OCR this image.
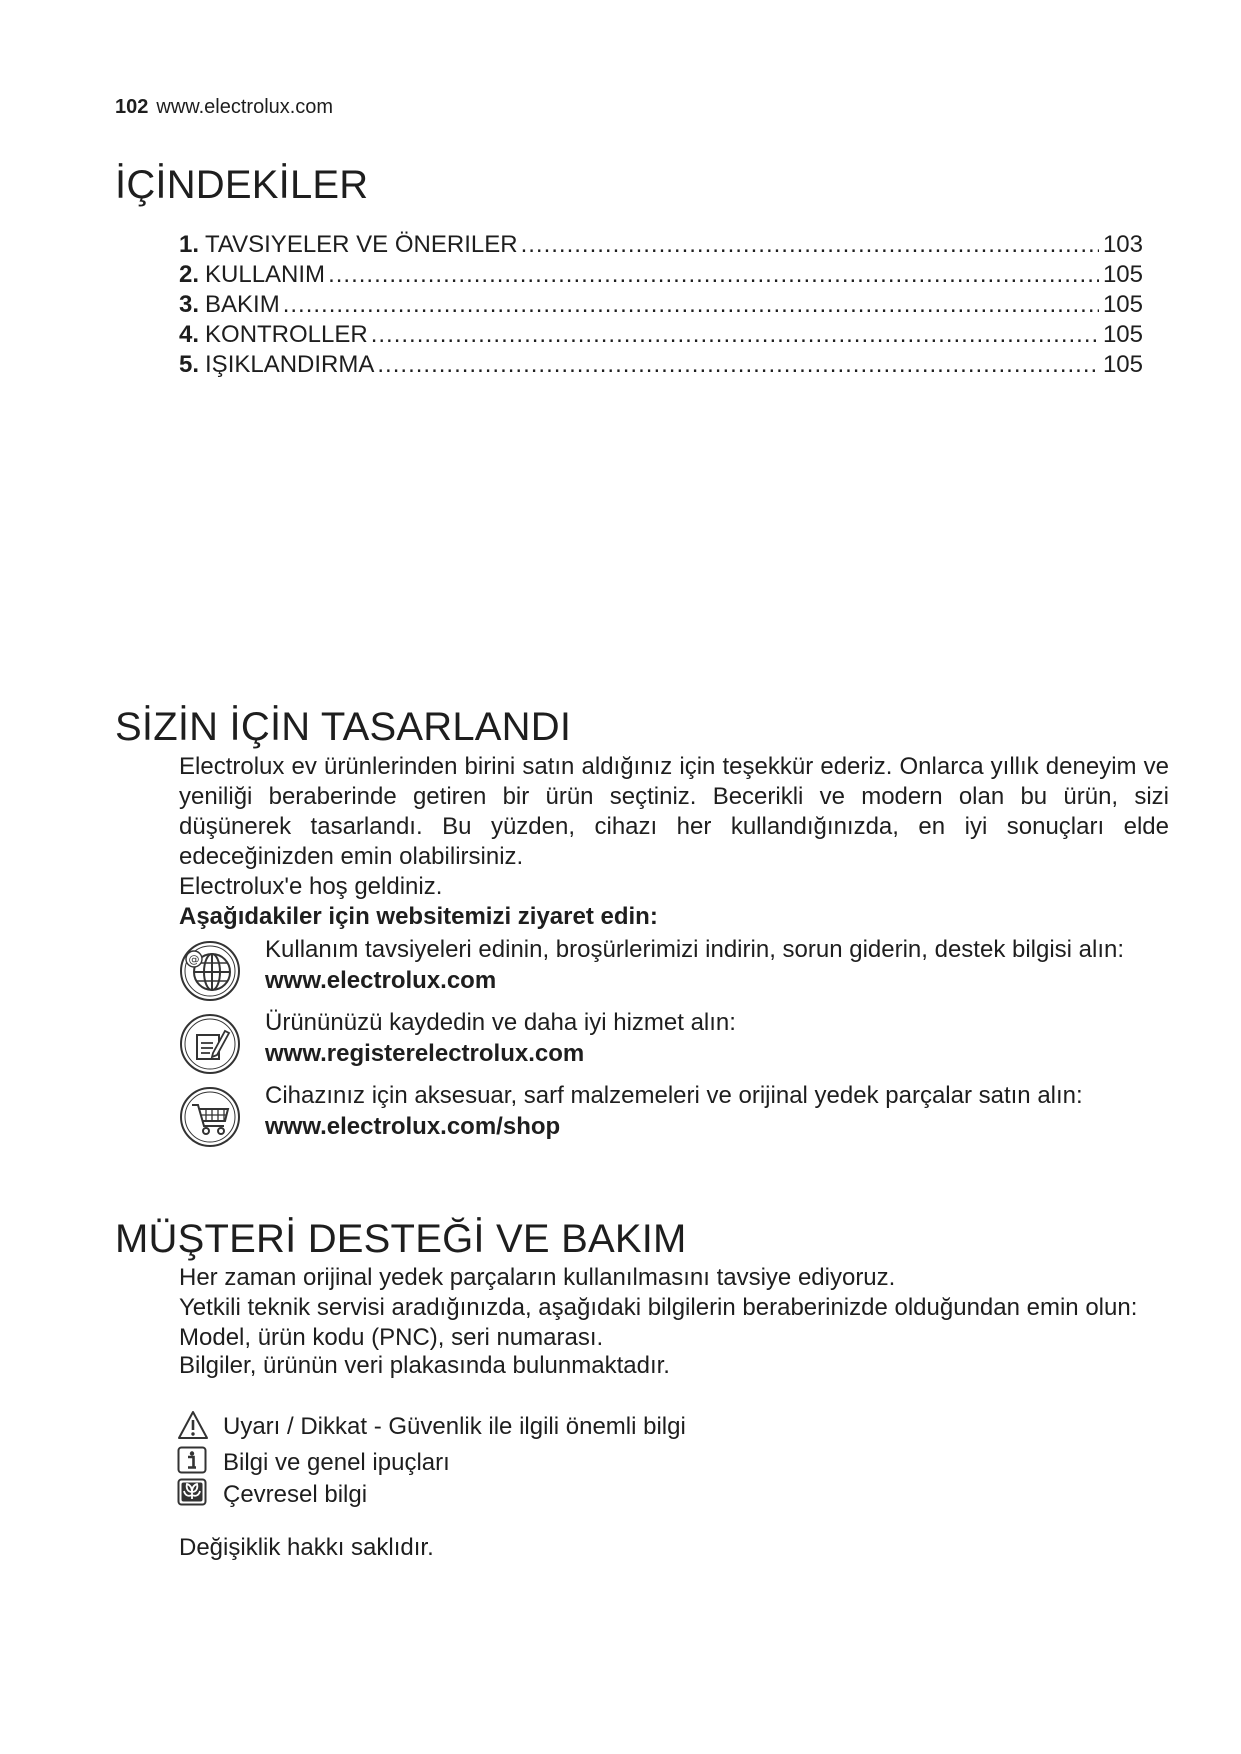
102 www.electrolux.com
İÇİNDEKİLER
1. TAVSIYELER VE ÖNERILER .....	103
2. KULLANIM .....	105
3. BAKIM .....	105
4. KONTROLLER .....	105
5. IŞIKLANDIRMA .....	105
SİZİN İÇİN TASARLANDI

Electrolux ev ürünlerinden birini satın aldığınız için teşekkür ederiz. Onlarca yıllık deneyim ve yeniliği beraberinde getiren bir ürün seçtiniz. Becerikli ve modern olan bu ürün, sizi düşünerek tasarlandı. Bu yüzden, cihazı her kullandığınızda, en iyi sonuçları elde edeceğinizden emin olabilirsiniz.

Electrolux'e hoş geldiniz.

Aşağıdakiler için websitemizi ziyaret edin:

@	Kullanım tavsiyeleri edinin, broşürlerimizi indirin, sorun giderin, destek bilgisi alın:
www.electrolux.com
Ürününüzü kaydedin ve daha iyi hizmet alın:
www.registerelectrolux.com
Cihazınız için aksesuar, sarf malzemeleri ve orijinal yedek parçalar satın alın:
www.electrolux.com/shop
MÜŞTERİ DESTEĞİ VE BAKIM

Her zaman orijinal yedek parçaların kullanılmasını tavsiye ediyoruz.

Yetkili teknik servisi aradığınızda, aşağıdaki bilgilerin beraberinizde olduğundan emin olun:

Model, ürün kodu (PNC), seri numarası.

Bilgiler, ürünün veri plakasında bulunmaktadır.

Uyarı / Dikkat - Güvenlik ile ilgili önemli bilgi
Bilgi ve genel ipuçları
Çevresel bilgi

Değişiklik hakkı saklıdır.
